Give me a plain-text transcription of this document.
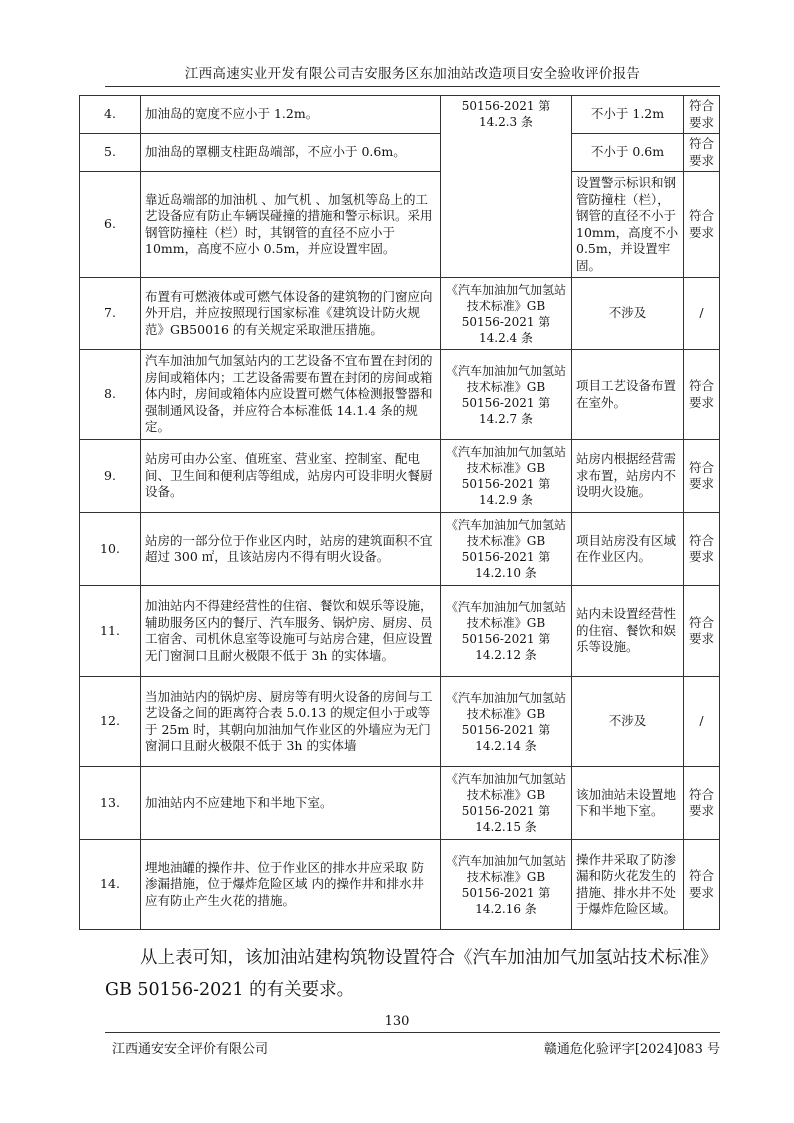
江西高速实业开发有限公司吉安服务区东加油站改造项目安全验收评价报告
4.	加油岛的宽度不应小于 1.2m。	50156-2021 第 14.2.3 条	不小于 1.2m	符合要求
5.	加油岛的罩棚支柱距岛端部，不应小于 0.6m。		不小于 0.6m	符合要求
6.	靠近岛端部的加油机 、加气机 、加氢机等岛上的工艺设备应有防止车辆误碰撞的措施和警示标识。采用钢管防撞柱（栏）时，其钢管的直径不应小于 10mm，高度不应小 0.5m，并应设置牢固。		设置警示标识和钢管防撞柱（栏），钢管的直径不小于 10mm，高度不小 0.5m，并设置牢固。	符合要求
7.	布置有可燃液体或可燃气体设备的建筑物的门窗应向外开启，并应按照现行国家标准《建筑设计防火规范》GB50016 的有关规定采取泄压措施。	《汽车加油加气加氢站技术标准》GB 50156-2021 第 14.2.4 条	不涉及	/
8.	汽车加油加气加氢站内的工艺设备不宜布置在封闭的房间或箱体内；工艺设备需要布置在封闭的房间或箱体内时，房间或箱体内应设置可燃气体检测报警器和强制通风设备，并应符合本标准低 14.1.4 条的规定。	《汽车加油加气加氢站技术标准》GB 50156-2021 第 14.2.7 条	项目工艺设备布置在室外。	符合要求
9.	站房可由办公室、值班室、营业室、控制室、配电间、卫生间和便利店等组成，站房内可设非明火餐厨设备。	《汽车加油加气加氢站技术标准》GB 50156-2021 第 14.2.9 条	站房内根据经营需求布置，站房内不设明火设施。	符合要求
10.	站房的一部分位于作业区内时，站房的建筑面积不宜超过 300 ㎡，且该站房内不得有明火设备。	《汽车加油加气加氢站技术标准》GB 50156-2021 第 14.2.10 条	项目站房没有区域在作业区内。	符合要求
11.	加油站内不得建经营性的住宿、餐饮和娱乐等设施，辅助服务区内的餐厅、汽车服务、锅炉房、厨房、员工宿舍、司机休息室等设施可与站房合建，但应设置无门窗洞口且耐火极限不低于 3h 的实体墙。	《汽车加油加气加氢站技术标准》GB 50156-2021 第 14.2.12 条	站内未设置经营性的住宿、餐饮和娱乐等设施。	符合要求
12.	当加油站内的锅炉房、厨房等有明火设备的房间与工艺设备之间的距离符合表 5.0.13 的规定但小于或等于 25m 时，其朝向加油加气作业区的外墙应为无门窗洞口且耐火极限不低于 3h 的实体墙	《汽车加油加气加氢站技术标准》GB 50156-2021 第 14.2.14 条	不涉及	/
13.	加油站内不应建地下和半地下室。	《汽车加油加气加氢站技术标准》GB 50156-2021 第 14.2.15 条	该加油站未设置地下和半地下室。	符合要求
14.	埋地油罐的操作井、位于作业区的排水井应采取 防渗漏措施，位于爆炸危险区域 内的操作井和排水井 应有防止产生火花的措施。	《汽车加油加气加氢站技术标准》GB 50156-2021 第 14.2.16 条	操作井采取了防渗漏和防火花发生的措施、排水井不处于爆炸危险区域。	符合要求
从上表可知，该加油站建构筑物设置符合《汽车加油加气加氢站技术标准》GB 50156-2021 的有关要求。
130
江西通安安全评价有限公司	赣通危化验评字[2024]083 号
